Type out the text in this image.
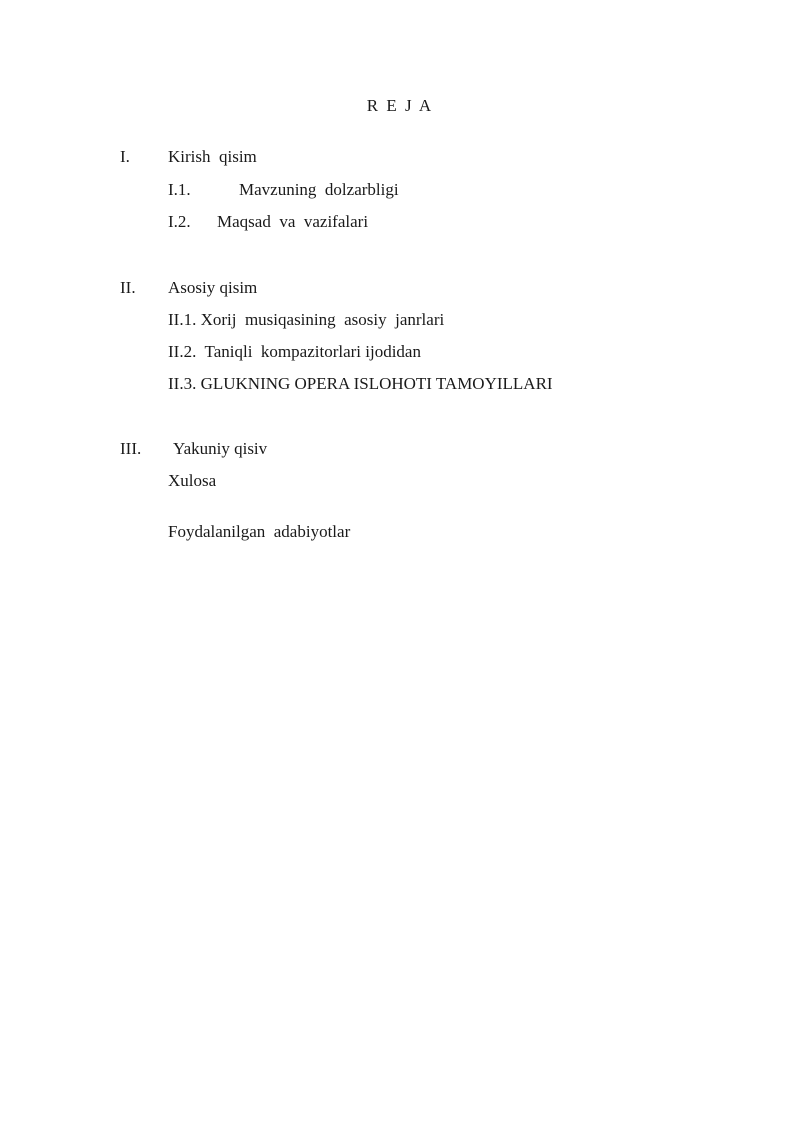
R E J A
I. Kirish  qisim
I.1.	Mavzuning  dolzarbligi
I.2. Maqsad  va  vazifalari
II. Asosiy qisim
II.1. Xorij  musiqasining  asosiy  janrlari
II.2.  Taniqli  kompazitorlari ijodidan
II.3. GLUKNING OPERA ISLOHOTI TAMOYILLARI
III. Yakuniy qisiv
Xulosa
Foydalanilgan  adabiyotlar
